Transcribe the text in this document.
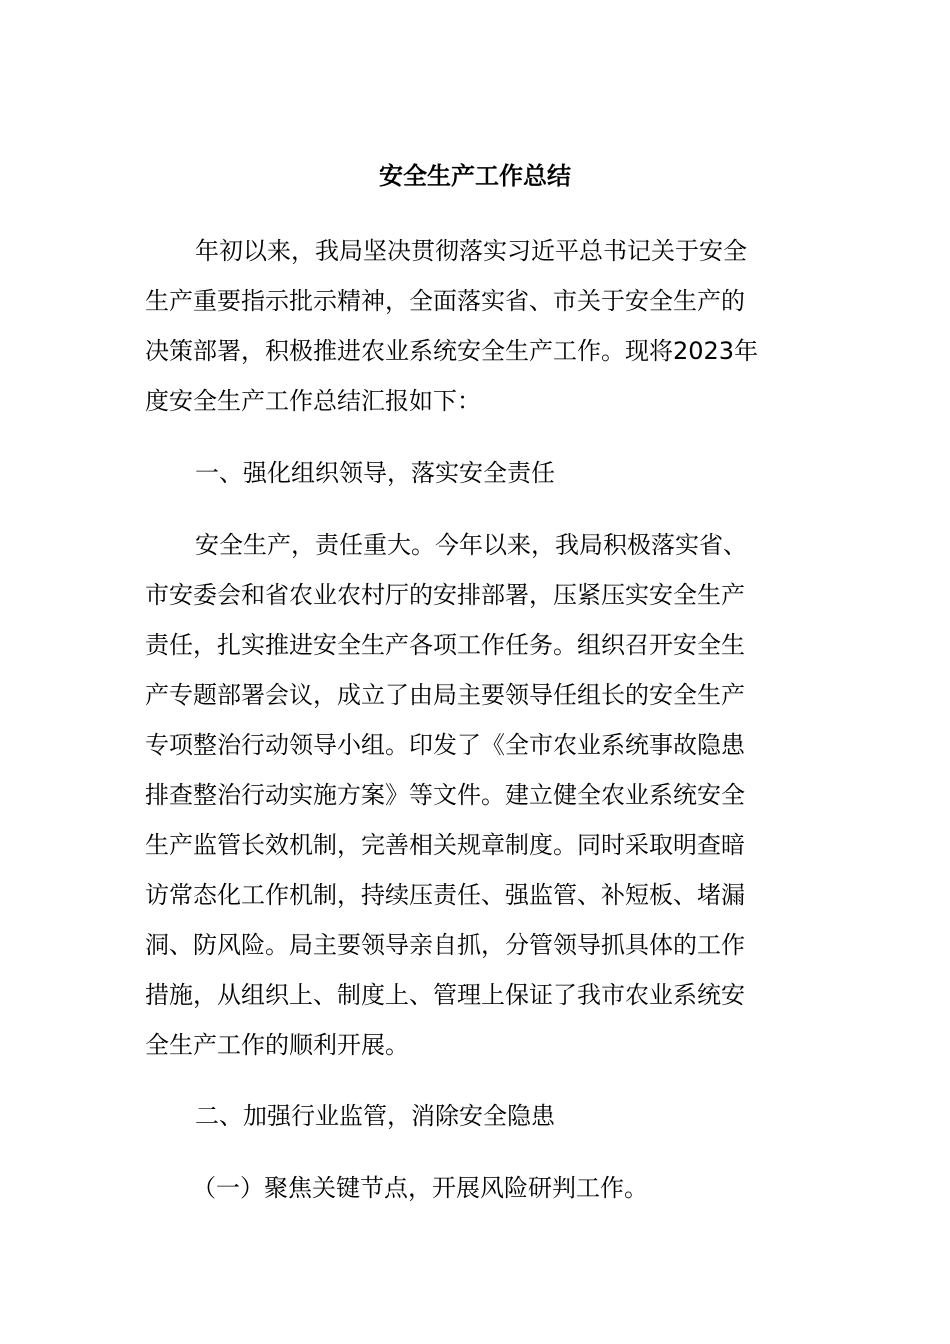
安全生产工作总结

年初以来，我局坚决贯彻落实习近平总书记关于安全

生产重要指示批示精神，全面落实省、市关于安全生产的

决策部署，积极推进农业系统安全生产工作。现将2023年

度安全生产工作总结汇报如下：

一、强化组织领导，落实安全责任

安全生产，责任重大。今年以来，我局积极落实省、

市安委会和省农业农村厅的安排部署，压紧压实安全生产

责任，扎实推进安全生产各项工作任务。组织召开安全生

产专题部署会议，成立了由局主要领导任组长的安全生产

专项整治行动领导小组。印发了《全市农业系统事故隐患

排查整治行动实施方案》等文件。建立健全农业系统安全

生产监管长效机制，完善相关规章制度。同时采取明查暗

访常态化工作机制，持续压责任、强监管、补短板、堵漏

洞、防风险。局主要领导亲自抓，分管领导抓具体的工作

措施，从组织上、制度上、管理上保证了我市农业系统安

全生产工作的顺利开展。

二、加强行业监管，消除安全隐患

（一）聚焦关键节点，开展风险研判工作。
